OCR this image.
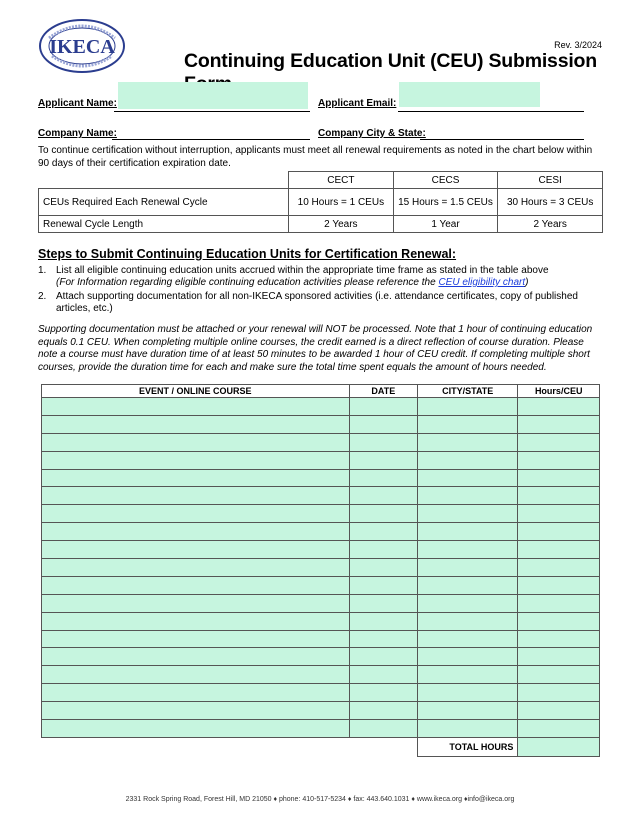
IKECA	Rev. 3/2024
Continuing Education Unit (CEU) Submission
Applicant Name:	Applicant Email:
Company Name:	Company City & State:
To continue certification without interruption, applicants must meet all renewal requirements as noted in the chart below within 90 days of their certification expiration date.
	CECT	CECS	CESI
CEUs Required Each Renewal Cycle	10 Hours = 1 CEUs	15 Hours = 1.5 CEUs	30 Hours = 3 CEUs
Renewal Cycle Length	2 Years	1 Year	2 Years
Steps to Submit Continuing Education Units for Certification Renewal:
1. List all eligible continuing education units accrued within the appropriate time frame as stated in the table above
(For Information regarding eligible continuing education activities please reference the CEU eligibility chart)
2. Attach supporting documentation for all non-IKECA sponsored activities (i.e. attendance certificates, copy of published articles, etc.)
Supporting documentation must be attached or your renewal will NOT be processed. Note that 1 hour of continuing education equals 0.1 CEU. When completing multiple online courses, the credit earned is a direct reflection of course duration. Please note a course must have duration time of at least 50 minutes to be awarded 1 hour of CEU credit. If completing multiple short courses, provide the duration time for each and make sure the total time spent equals the amount of hours needed.
EVENT / ONLINE COURSE	DATE	CITY/STATE	Hours/CEU

		TOTAL HOURS	
2331 Rock Spring Road, Forest Hill, MD 21050 ♦ phone: 410-517-5234 ♦ fax: 443.640.1031 ♦ www.ikeca.org ♦info@ikeca.org
